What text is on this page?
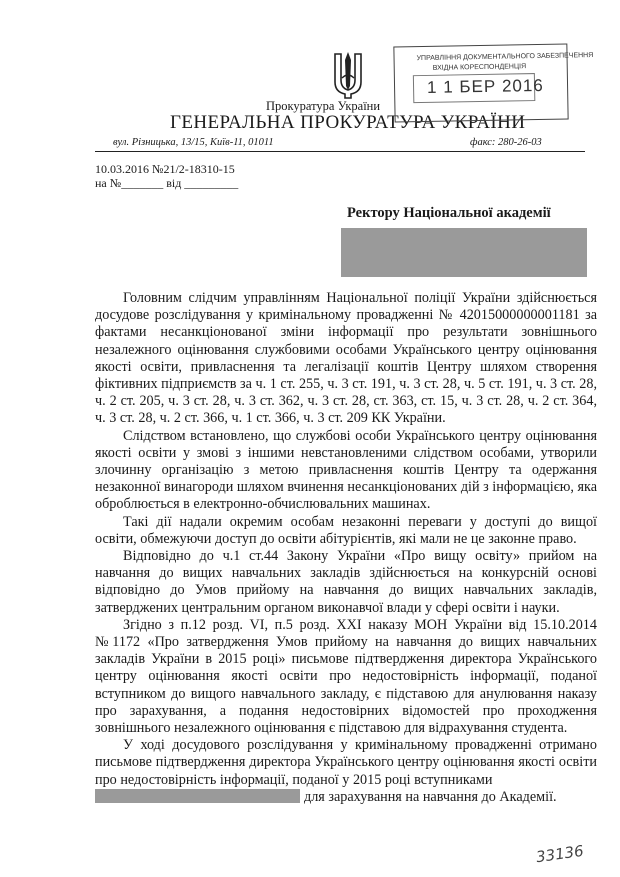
Прокуратура України
ГЕНЕРАЛЬНА ПРОКУРАТУРА УКРАЇНИ
вул. Різницька, 13/15, Київ-11, 01011	факс: 280-26-03
УПРАВЛІННЯ ДОКУМЕНТАЛЬНОГО ЗАБЕЗПЕЧЕННЯ
ВХІДНА КОРЕСПОНДЕНЦІЯ
1 1 БЕР 2016
10.03.2016 №21/2-18310-15
на №_______ від _________
Ректору Національної академії

Головним слідчим управлінням Національної поліції України здійснюється досудове розслідування у кримінальному провадженні № 42015000000001181 за фактами несанкціонованої зміни інформації про результати зовнішнього незалежного оцінювання службовими особами Українського центру оцінювання якості освіти, привласнення та легалізації коштів Центру шляхом створення фіктивних підприємств за ч. 1 ст. 255, ч. 3 ст. 191, ч. 3 ст. 28, ч. 5 ст. 191, ч. 3 ст. 28, ч. 2 ст. 205, ч. 3 ст. 28, ч. 3 ст. 362, ч. 3 ст. 28, ст. 363, ст. 15, ч. 3 ст. 28, ч. 2 ст. 364, ч. 3 ст. 28, ч. 2 ст. 366, ч. 1 ст. 366, ч. 3 ст. 209 КК України.

Слідством встановлено, що службові особи Українського центру оцінювання якості освіти у змові з іншими невстановленими слідством особами, утворили злочинну організацію з метою привласнення коштів Центру та одержання незаконної винагороди шляхом вчинення несанкціонованих дій з інформацією, яка оброблюється в електронно-обчислювальних машинах.

Такі дії надали окремим особам незаконні переваги у доступі до вищої освіти, обмежуючи доступ до освіти абітурієнтів, які мали не це законне право.

Відповідно до ч.1 ст.44 Закону України «Про вищу освіту» прийом на навчання до вищих навчальних закладів здійснюється на конкурсній основі відповідно до Умов прийому на навчання до вищих навчальних закладів, затверджених центральним органом виконавчої влади у сфері освіти і науки.

Згідно з п.12 розд. VI, п.5 розд. XXI наказу МОН України від 15.10.2014 №1172 «Про затвердження Умов прийому на навчання до вищих навчальних закладів України в 2015 році» письмове підтвердження директора Українського центру оцінювання якості освіти про недостовірність інформації, поданої вступником до вищого навчального закладу, є підставою для анулювання наказу про зарахування, а подання недостовірних відомостей про проходження зовнішнього незалежного оцінювання є підставою для відрахування студента.

У ході досудового розслідування у кримінальному провадженні отримано письмове підтвердження директора Українського центру оцінювання якості освіти про недостовірність інформації, поданої у 2015 році вступниками

для зарахування на навчання до Академії.

33136
